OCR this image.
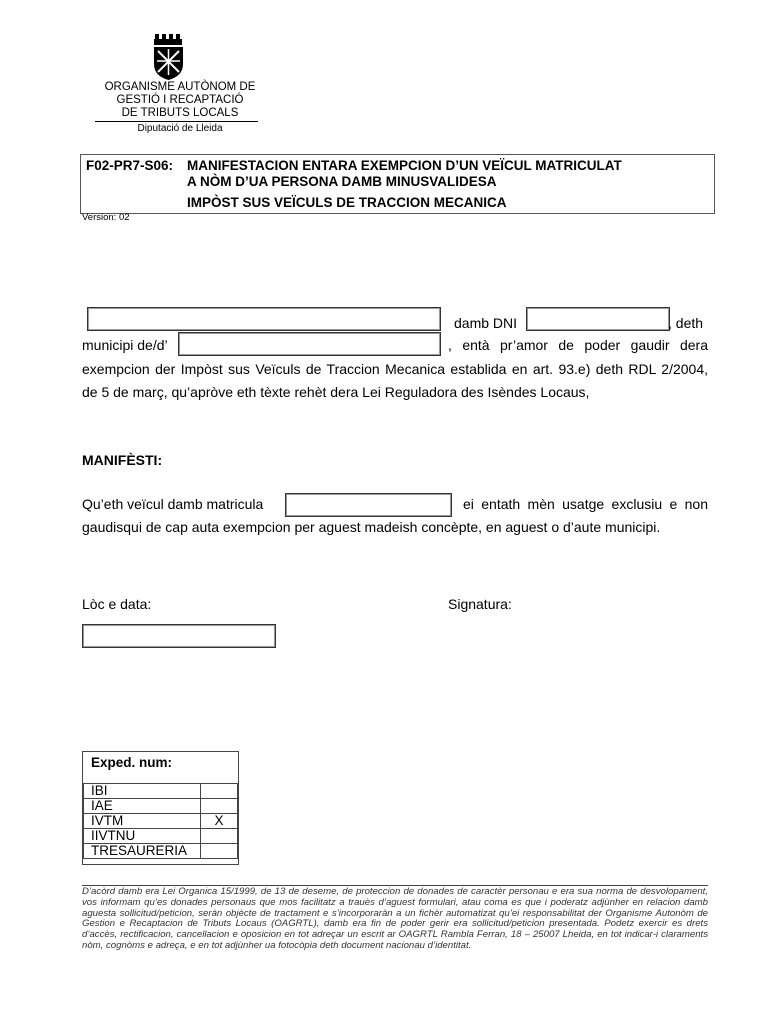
ORGANISME AUTÒNOM DE
GESTIÓ I RECAPTACIÓ
DE TRIBUTS LOCALS
Diputació de Lleida
F02-PR7-S06: MANIFESTACION ENTARA EXEMPCION D’UN VEÏCUL MATRICULAT
A NÒM D’UA PERSONA DAMB MINUSVALIDESA
IMPÒST SUS VEÏCULS DE TRACCION MECANICA
Version: 02
damb DNI	, deth
municipi de/d’	, entà pr’amor de poder gaudir dera
exempcion der Impòst sus Veïculs de Traccion Mecanica establida en art. 93.e) deth RDL 2/2004,
de 5 de març, qu’apròve eth tèxte rehèt dera Lei Reguladora des Isèndes Locaus,
MANIFÈSTI:
Qu’eth veïcul damb matricula	ei entath mèn usatge exclusiu e non
gaudisqui de cap auta exempcion per aguest madeish concèpte, en aguest o d’aute municipi.
Lòc e data:	Signatura:
Exped. num:
IBI	
IAE	
IVTM	X
IIVTNU	
TRESAURERIA	
D’acòrd damb era Lei Organica 15/1999, de 13 de deseme, de proteccion de donades de caractèr personau e era sua norma de desvolopament, vos informam qu’es donades personaus que mos facilitatz a trauès d’aguest formulari, atau coma es que i poderatz adjùnher en relacion damb aguesta sollicitud/peticion, seràn objècte de tractament e s’incorporaràn a un fichèr automatizat qu’ei responsabilitat der Organisme Autonòm de Gestion e Recaptacion de Tributs Locaus (OAGRTL), damb era fin de poder gerir era sollicitud/peticion presentada. Podetz exercir es drets d’accès, rectificacion, cancellacion e oposicion en tot adreçar un escrit ar OAGRTL Rambla Ferran, 18 – 25007 Lheida, en tot indicar-i claraments nòm, cognòms e adreça, e en tot adjùnher ua fotocòpia deth document nacionau d’identitat.
